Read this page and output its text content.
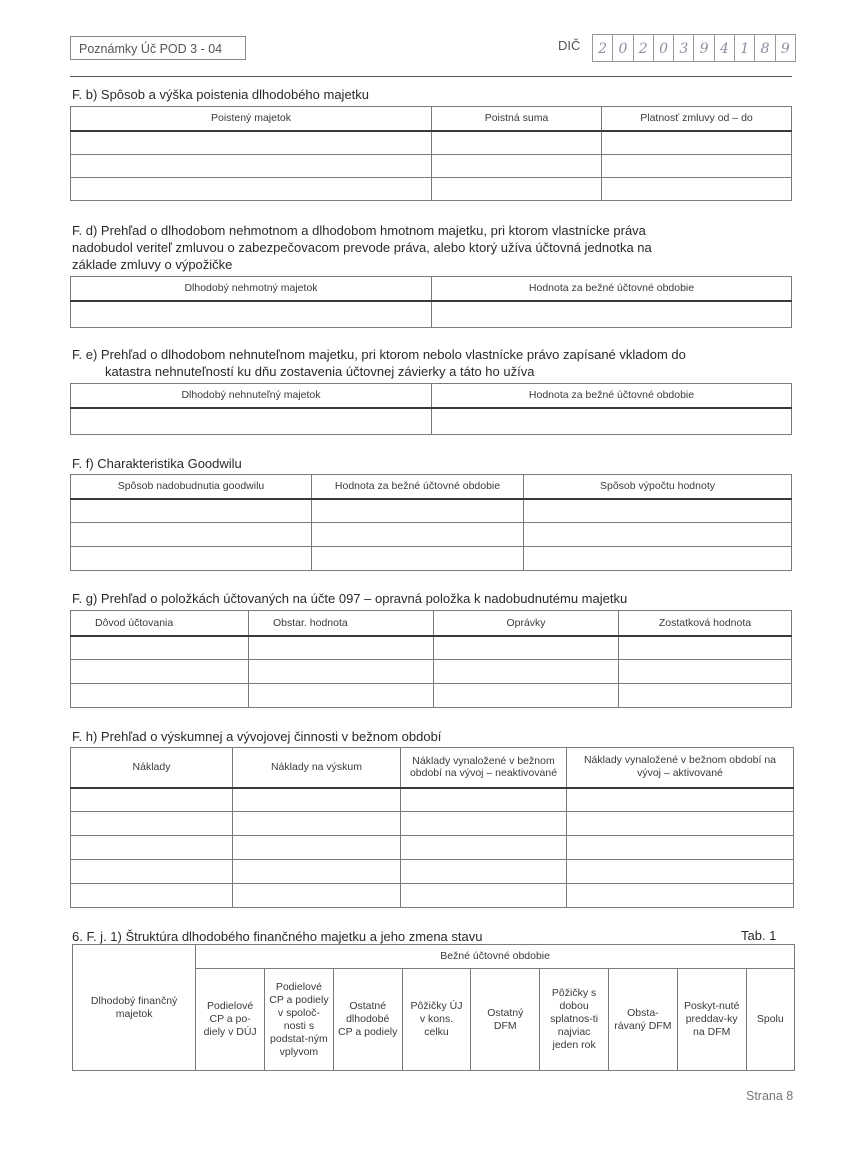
Poznámky Úč POD 3 - 04	DIČ	2 0 2 0 3 9 4 1 8 9
F. b) Spôsob a výška poistenia dlhodobého majetku
Poistený majetok	Poistná suma	Platnosť zmluvy od – do

F. d) Prehľad o dlhodobom nehmotnom a dlhodobom hmotnom majetku, pri ktorom vlastnícke práva
nadobudol veriteľ zmluvou o zabezpečovacom prevode práva, alebo ktorý užíva účtovná jednotka na
základe zmluvy o výpožičke
Dlhodobý nehmotný majetok	Hodnota za bežné účtovné obdobie

F. e) Prehľad o dlhodobom nehnuteľnom majetku, pri ktorom nebolo vlastnícke právo zapísané vkladom do
katastra nehnuteľností ku dňu zostavenia účtovnej závierky a táto ho užíva
Dlhodobý nehnuteľný majetok	Hodnota za bežné účtovné obdobie

F. f) Charakteristika Goodwilu
Spôsob nadobudnutia goodwilu	Hodnota za bežné účtovné obdobie	Spôsob výpočtu hodnoty

F. g) Prehľad o položkách účtovaných na účte 097 – opravná položka k nadobudnutému majetku
Dôvod účtovania	Obstar. hodnota	Oprávky	Zostatková hodnota

F. h) Prehľad o výskumnej a vývojovej činnosti v bežnom období
Náklady	Náklady na výskum	Náklady vynaložené v bežnom období na vývoj – neaktivované	Náklady vynaložené v bežnom období na vývoj – aktivované

6. F. j. 1) Štruktúra dlhodobého finančného majetku a jeho zmena stavu	Tab. 1
Dlhodobý finančný majetok	Bežné účtovné obdobie								
	Podielové CP a po-diely v DÚJ	Podielové CP a podiely v spoloč-nosti s podstat-ným vplyvom	Ostatné dlhodobé CP a podiely	Pôžičky ÚJ v kons. celku	Ostatný DFM	Pôžičky s dobou splatnos-ti najviac jeden rok	Obsta-rávaný DFM	Poskyt-nuté preddav-ky na DFM	Spolu
Strana 8
